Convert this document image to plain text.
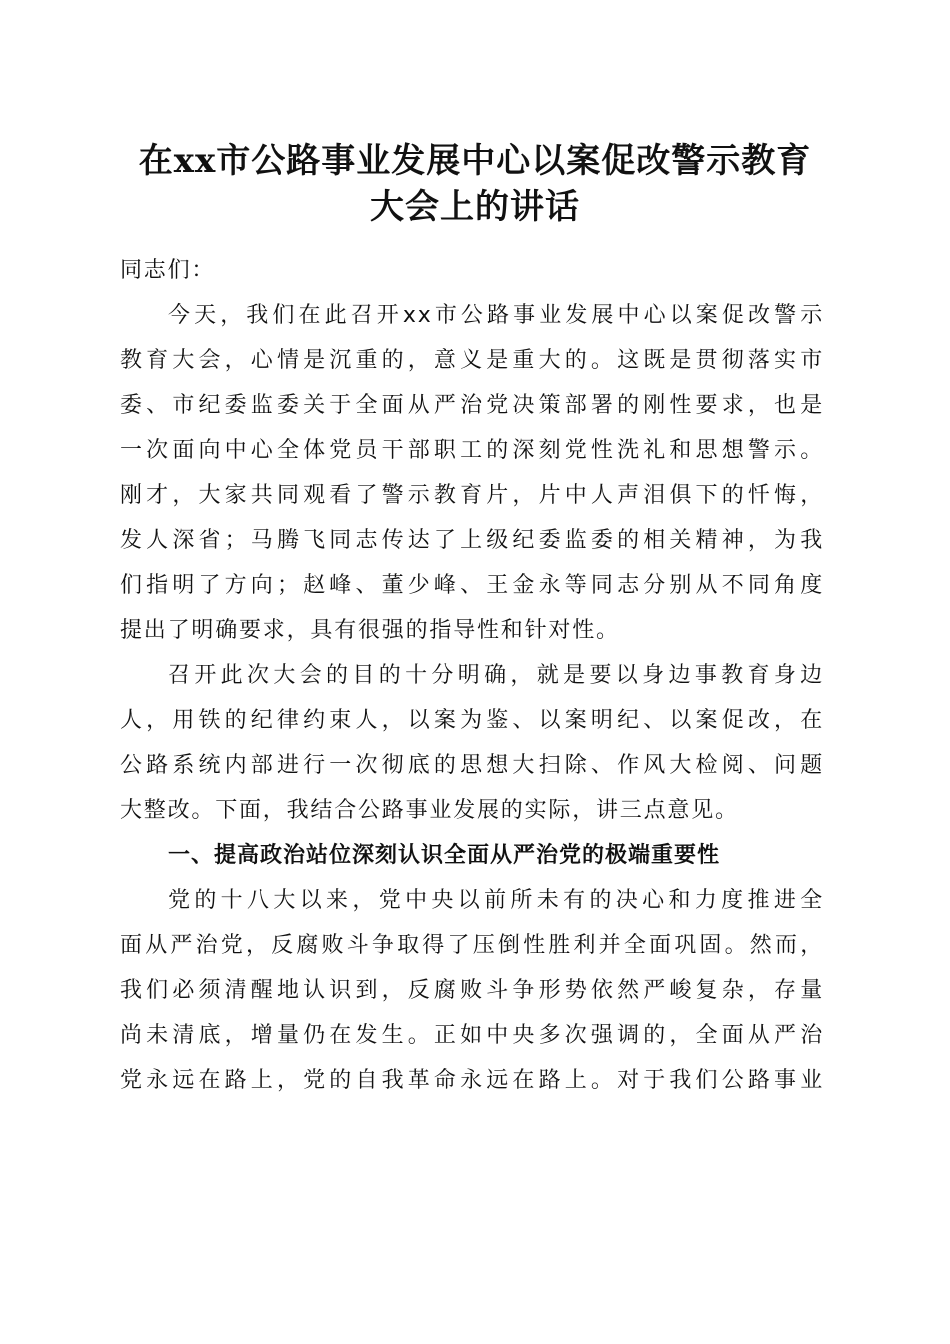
在xx市公路事业发展中心以案促改警示教育
大会上的讲话

同志们：

今天，我们在此召开xx市公路事业发展中心以案促改警示
教育大会，心情是沉重的，意义是重大的。这既是贯彻落实市
委、市纪委监委关于全面从严治党决策部署的刚性要求，也是
一次面向中心全体党员干部职工的深刻党性洗礼和思想警示。
刚才，大家共同观看了警示教育片，片中人声泪俱下的忏悔，
发人深省；马腾飞同志传达了上级纪委监委的相关精神，为我
们指明了方向；赵峰、董少峰、王金永等同志分别从不同角度
提出了明确要求，具有很强的指导性和针对性。

召开此次大会的目的十分明确，就是要以身边事教育身边
人，用铁的纪律约束人，以案为鉴、以案明纪、以案促改，在
公路系统内部进行一次彻底的思想大扫除、作风大检阅、问题
大整改。下面，我结合公路事业发展的实际，讲三点意见。

一、提高政治站位深刻认识全面从严治党的极端重要性

党的十八大以来，党中央以前所未有的决心和力度推进全
面从严治党，反腐败斗争取得了压倒性胜利并全面巩固。然而，
我们必须清醒地认识到，反腐败斗争形势依然严峻复杂，存量
尚未清底，增量仍在发生。正如中央多次强调的，全面从严治
党永远在路上，党的自我革命永远在路上。对于我们公路事业
